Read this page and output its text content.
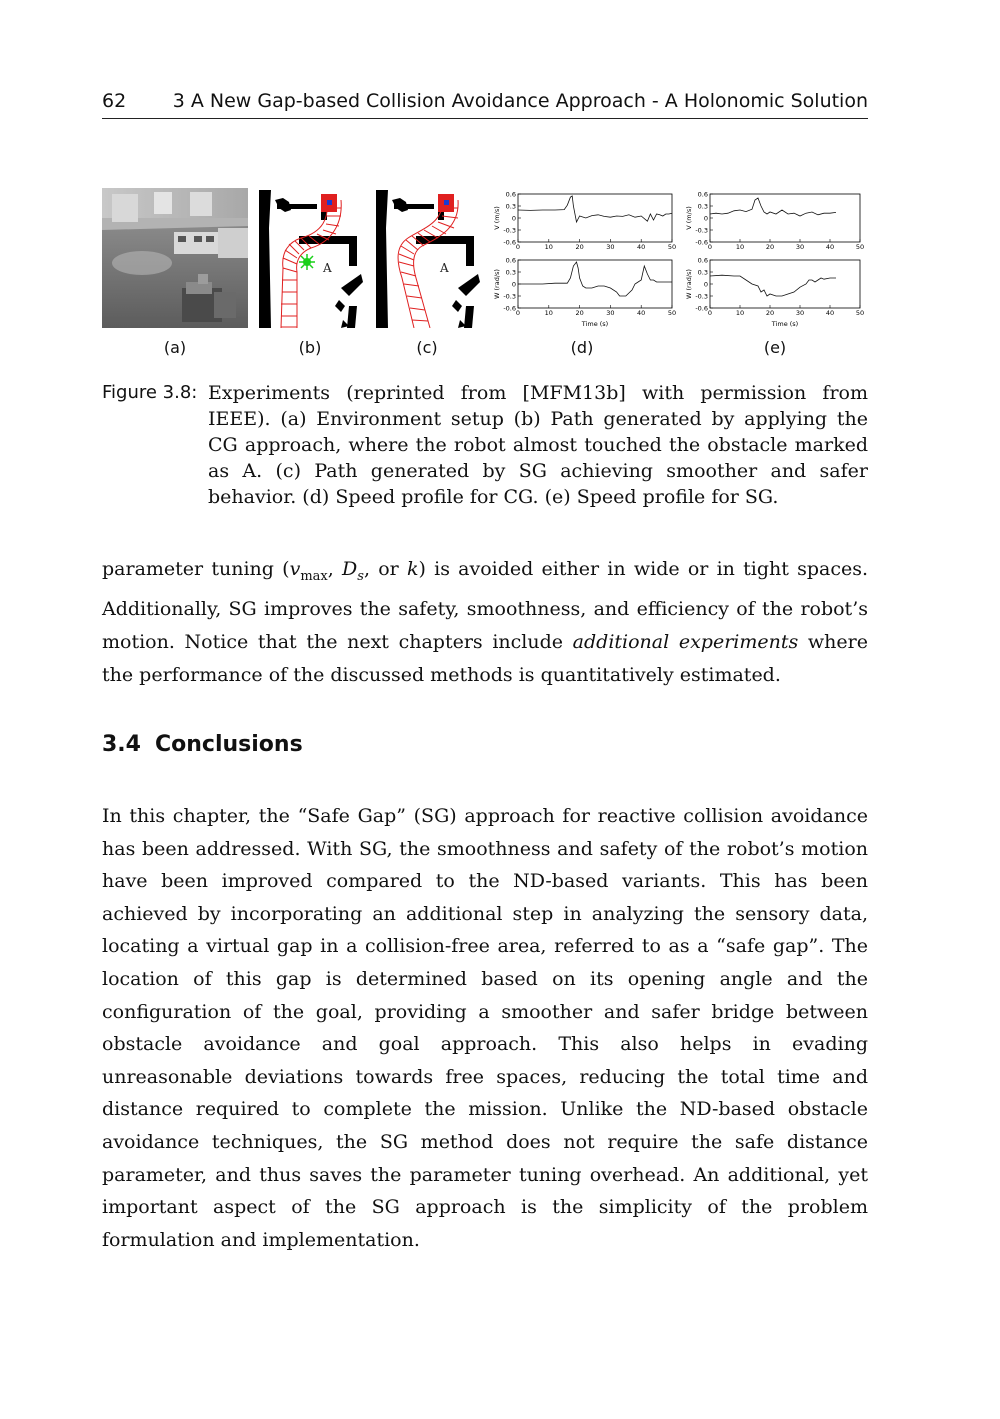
62 3 A New Gap-based Collision Avoidance Approach - A Holonomic Solution
A	A
0.6
0.3
0
-0.3
-0.6
0	10	20	30	40	50
V (m/s)
0.6
0.3
0
-0.3
-0.6
0	10	20	30	40	50
W (rad/s)
Time (s)
0.6
0.3
0
-0.3
-0.6
0	10	20	30	40	50
V (m/s)
0.6
0.3
0
-0.3
-0.6
0	10	20	30	40	50
W (rad/s)
Time (s)
(a)	(b)	(c)	(d)	(e)
Figure 3.8: Experiments (reprinted from [MFM13b] with permission from IEEE). (a) Environment setup (b) Path generated by applying the CG approach, where the robot almost touched the obstacle marked as A. (c) Path generated by SG achieving smoother and safer behavior. (d) Speed profile for CG. (e) Speed profile for SG.
parameter tuning ($v_{max}$, $D_s$, or k) is avoided either in wide or in tight spaces. Additionally, SG improves the safety, smoothness, and efficiency of the robot’s motion. Notice that the next chapters include additional experiments where the performance of the discussed methods is quantitatively estimated.
3.4 Conclusions
In this chapter, the “Safe Gap” (SG) approach for reactive collision avoidance has been addressed. With SG, the smoothness and safety of the robot’s motion have been improved compared to the ND-based variants. This has been achieved by incorporating an additional step in analyzing the sensory data, locating a virtual gap in a collision-free area, referred to as a “safe gap”. The location of this gap is determined based on its opening angle and the configuration of the goal, providing a smoother and safer bridge between obstacle avoidance and goal approach. This also helps in evading unreasonable deviations towards free spaces, reducing the total time and distance required to complete the mission. Unlike the ND-based obstacle avoidance techniques, the SG method does not require the safe distance parameter, and thus saves the parameter tuning overhead. An additional, yet important aspect of the SG approach is the simplicity of the problem formulation and implementation.
